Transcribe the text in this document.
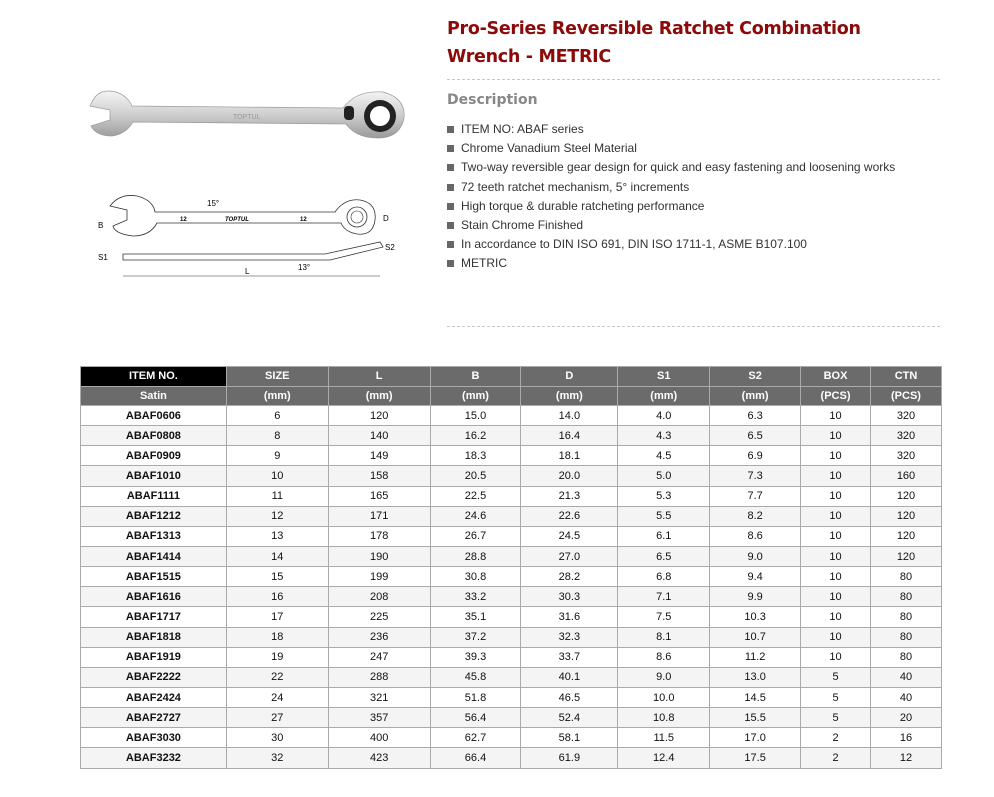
TOPTUL
12	12
TOPTUL
B
D
15°
S1
S2
L	13°
Pro-Series Reversible Ratchet Combination Wrench - METRIC
Description
ITEM NO: ABAF series
Chrome Vanadium Steel Material
Two-way reversible gear design for quick and easy fastening and loosening works
72 teeth ratchet mechanism, 5° increments
High torque & durable ratcheting performance
Stain Chrome Finished
In accordance to DIN ISO 691, DIN ISO 1711-1, ASME B107.100
METRIC
ITEM NO.	SIZE	L	B	D	S1	S2	BOX	CTN
Satin	(mm)	(mm)	(mm)	(mm)	(mm)	(mm)	(PCS)	(PCS)
ABAF0606	6	120	15.0	14.0	4.0	6.3	10	320
ABAF0808	8	140	16.2	16.4	4.3	6.5	10	320
ABAF0909	9	149	18.3	18.1	4.5	6.9	10	320
ABAF1010	10	158	20.5	20.0	5.0	7.3	10	160
ABAF1111	11	165	22.5	21.3	5.3	7.7	10	120
ABAF1212	12	171	24.6	22.6	5.5	8.2	10	120
ABAF1313	13	178	26.7	24.5	6.1	8.6	10	120
ABAF1414	14	190	28.8	27.0	6.5	9.0	10	120
ABAF1515	15	199	30.8	28.2	6.8	9.4	10	80
ABAF1616	16	208	33.2	30.3	7.1	9.9	10	80
ABAF1717	17	225	35.1	31.6	7.5	10.3	10	80
ABAF1818	18	236	37.2	32.3	8.1	10.7	10	80
ABAF1919	19	247	39.3	33.7	8.6	11.2	10	80
ABAF2222	22	288	45.8	40.1	9.0	13.0	5	40
ABAF2424	24	321	51.8	46.5	10.0	14.5	5	40
ABAF2727	27	357	56.4	52.4	10.8	15.5	5	20
ABAF3030	30	400	62.7	58.1	11.5	17.0	2	16
ABAF3232	32	423	66.4	61.9	12.4	17.5	2	12
